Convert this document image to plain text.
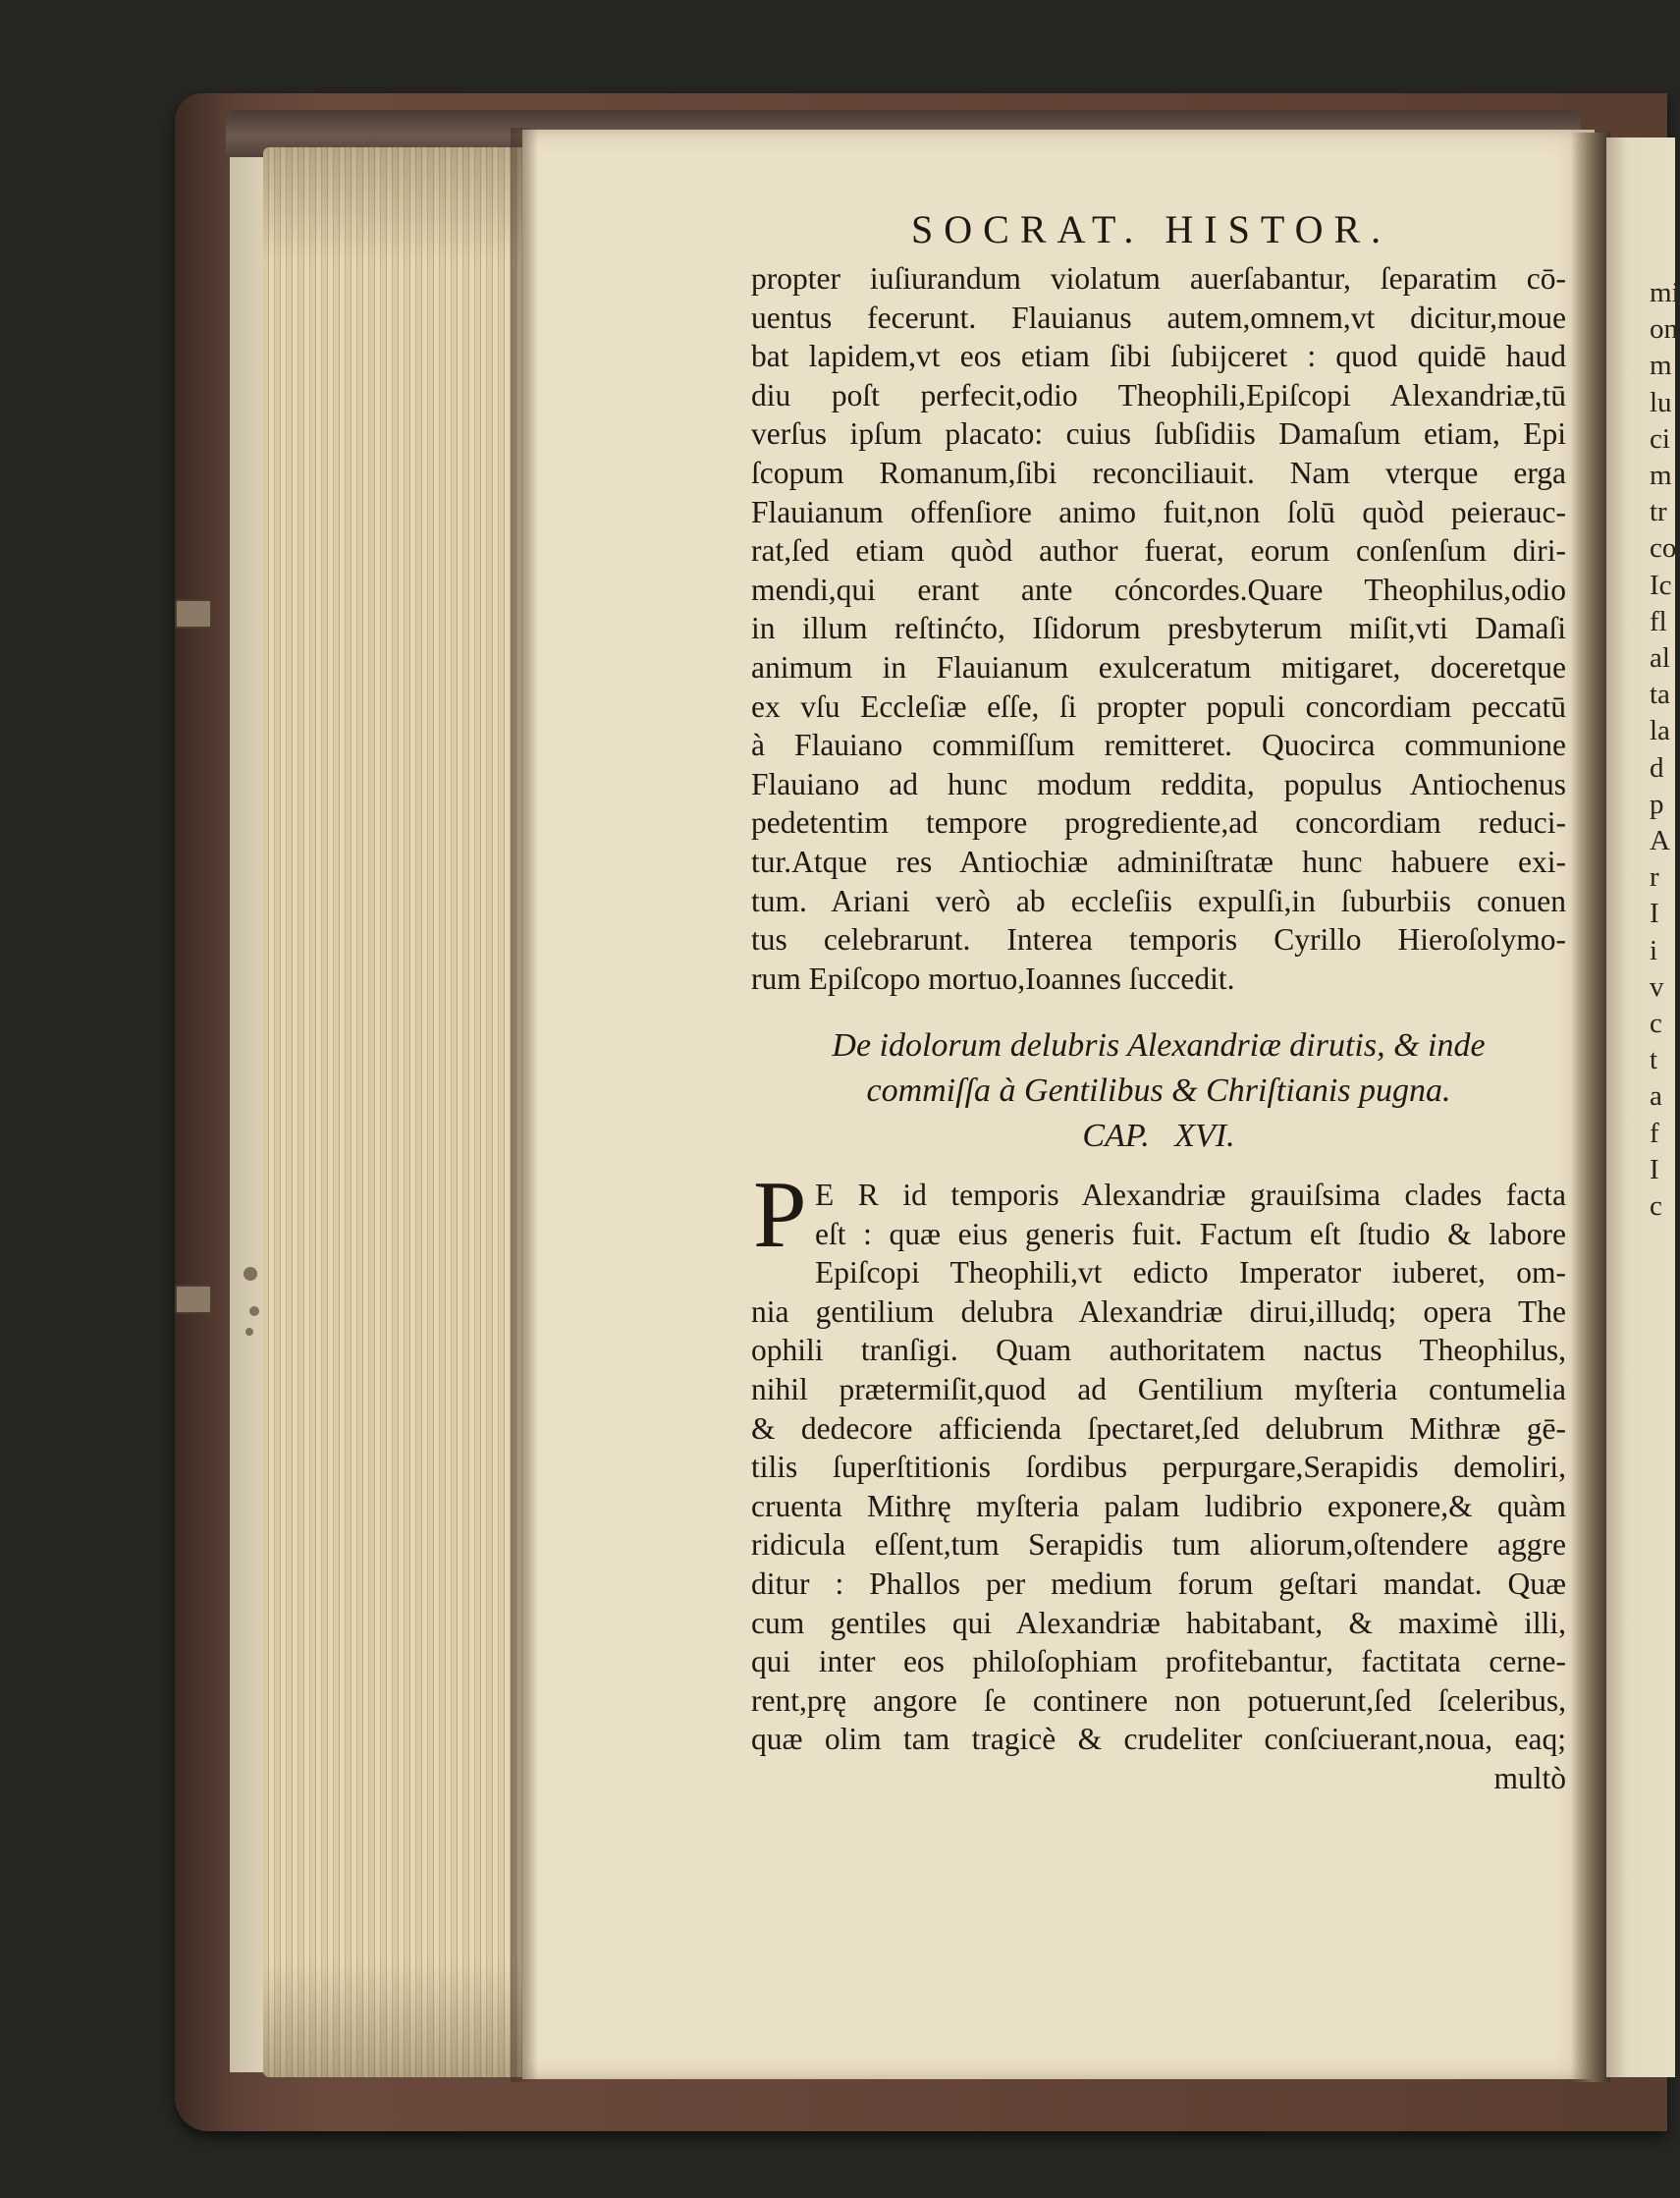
mi
on
m
lu
ci
m
tr
co
Ic
fl
al
ta
la
d
p
A
r
I
i
v
c
t
a
f
I
c
SOCRAT. HISTOR.
propter iuſiurandum violatum auerſabantur, ſeparatim cō-
uentus fecerunt. Flauianus autem,omnem,vt dicitur,moue
bat lapidem,vt eos etiam ſibi ſubijceret : quod quidē haud
diu poſt perfecit,odio Theophili,Epiſcopi Alexandriæ,tū
verſus ipſum placato: cuius ſubſidiis Damaſum etiam, Epi
ſcopum Romanum,ſibi reconciliauit. Nam vterque erga
Flauianum offenſiore animo fuit,non ſolū quòd peierauc-
rat,ſed etiam quòd author fuerat, eorum conſenſum diri-
mendi,qui erant ante cóncordes.Quare Theophilus,odio
in illum reſtinćto, Iſidorum presbyterum miſit,vti Damaſi
animum in Flauianum exulceratum mitigaret, doceretque
ex vſu Eccleſiæ eſſe, ſi propter populi concordiam peccatū
à Flauiano commiſſum remitteret. Quocirca communione
Flauiano ad hunc modum reddita, populus Antiochenus
pedetentim tempore progrediente,ad concordiam reduci-
tur.Atque res Antiochiæ adminiſtratæ hunc habuere exi-
tum. Ariani verò ab eccleſiis expulſi,in ſuburbiis conuen
tus celebrarunt. Interea temporis Cyrillo Hieroſolymo-
rum Epiſcopo mortuo,Ioannes ſuccedit.
De idolorum delubris Alexandriæ dirutis, & inde
commiſſa à Gentilibus & Chriſtianis pugna.
CAP.   XVI.
P E R id temporis Alexandriæ grauiſsima clades facta
eſt : quæ eius generis fuit. Factum eſt ſtudio & labore
Epiſcopi Theophili,vt edicto Imperator iuberet, om-
nia gentilium delubra Alexandriæ dirui,illudq; opera The
ophili tranſigi. Quam authoritatem nactus Theophilus,
nihil prætermiſit,quod ad Gentilium myſteria contumelia
& dedecore afficienda ſpectaret,ſed delubrum Mithræ gē-
tilis ſuperſtitionis ſordibus perpurgare,Serapidis demoliri,
cruenta Mithrę myſteria palam ludibrio exponere,& quàm
ridicula eſſent,tum Serapidis tum aliorum,oſtendere aggre
ditur : Phallos per medium forum geſtari mandat. Quæ
cum gentiles qui Alexandriæ habitabant, & maximè illi,
qui inter eos philoſophiam profitebantur, factitata cerne-
rent,prę angore ſe continere non potuerunt,ſed ſceleribus,
quæ olim tam tragicè & crudeliter conſciuerant,noua, eaq;
multò
